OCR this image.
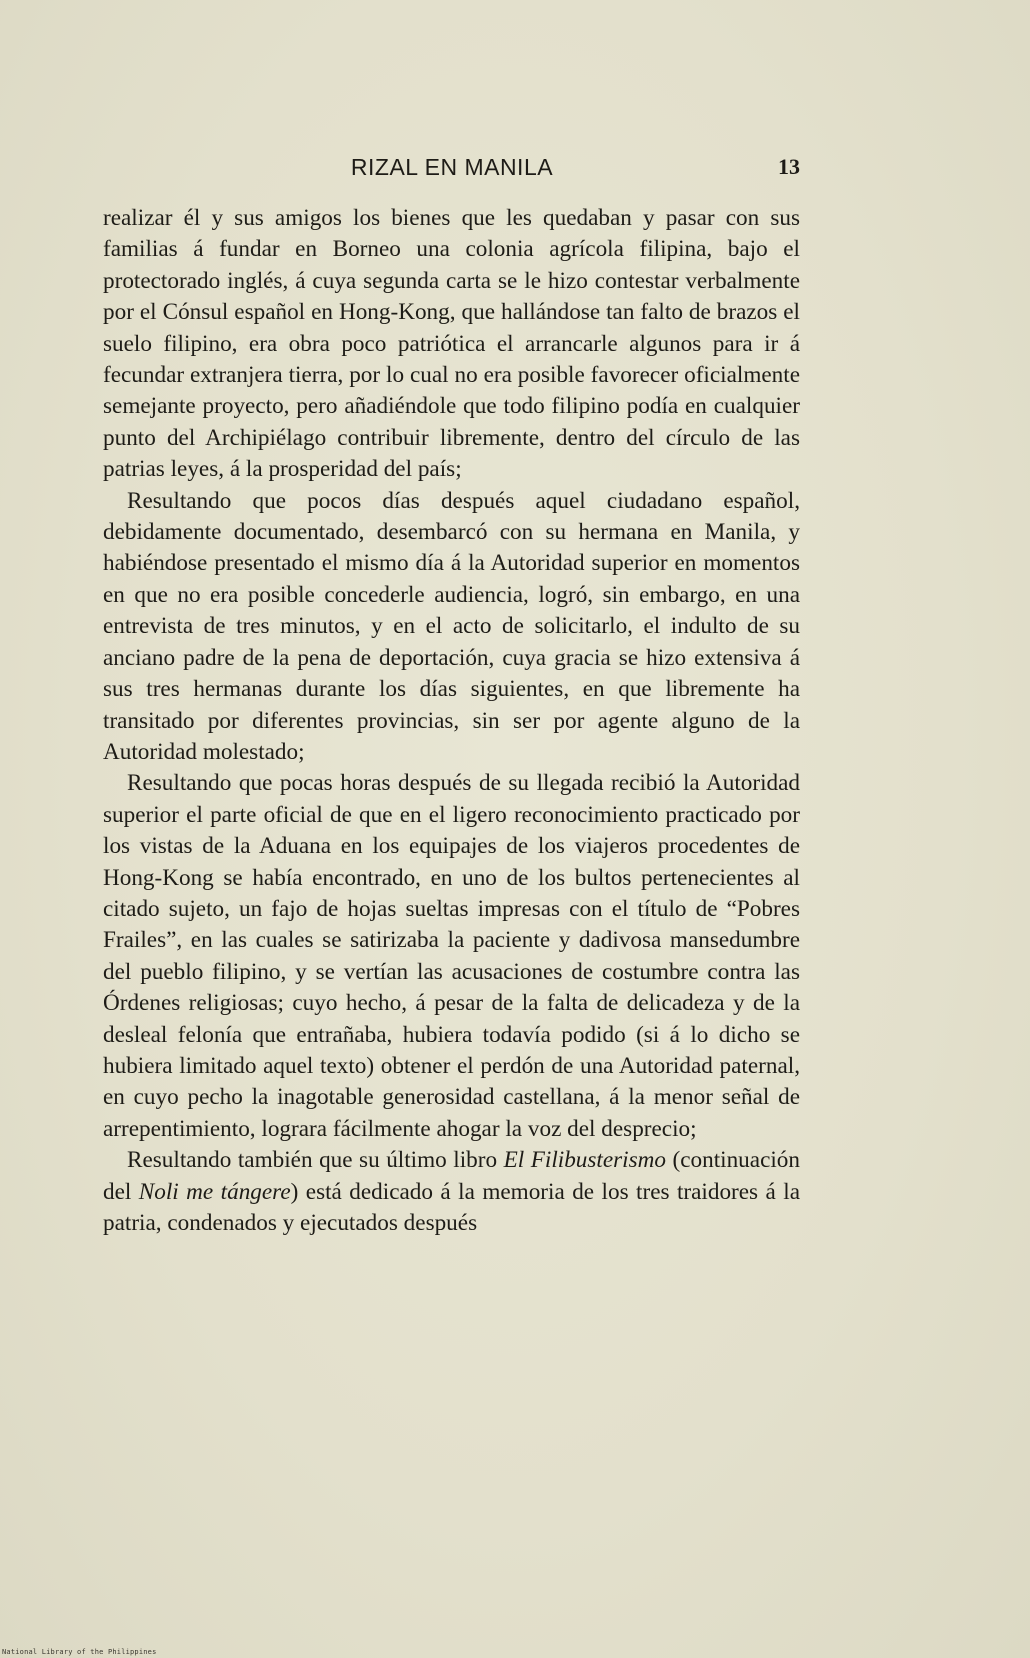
RIZAL EN MANILA	13

realizar él y sus amigos los bienes que les quedaban y pasar con sus familias á fundar en Borneo una colonia agrícola filipina, bajo el protectorado inglés, á cuya segunda carta se le hizo contestar verbalmente por el Cónsul español en Hong-Kong, que hallándose tan falto de brazos el suelo filipino, era obra poco patriótica el arrancarle algunos para ir á fecundar extranjera tierra, por lo cual no era posible favorecer oficialmente semejante proyecto, pero añadiéndole que todo filipino podía en cualquier punto del Archipiélago contribuir libremente, dentro del círculo de las patrias leyes, á la prosperidad del país;

Resultando que pocos días después aquel ciudadano español, debidamente documentado, desembarcó con su hermana en Manila, y habiéndose presentado el mismo día á la Autoridad superior en momentos en que no era posible concederle audiencia, logró, sin embargo, en una entrevista de tres minutos, y en el acto de solicitarlo, el indulto de su anciano padre de la pena de deportación, cuya gracia se hizo extensiva á sus tres hermanas durante los días siguientes, en que libremente ha transitado por diferentes provincias, sin ser por agente alguno de la Autoridad molestado;

Resultando que pocas horas después de su llegada recibió la Autoridad superior el parte oficial de que en el ligero reconocimiento practicado por los vistas de la Aduana en los equipajes de los viajeros procedentes de Hong-Kong se había encontrado, en uno de los bultos pertenecientes al citado sujeto, un fajo de hojas sueltas impresas con el título de “Pobres Frailes”, en las cuales se satirizaba la paciente y dadivosa mansedumbre del pueblo filipino, y se vertían las acusaciones de costumbre contra las Órdenes religiosas; cuyo hecho, á pesar de la falta de delicadeza y de la desleal felonía que entrañaba, hubiera todavía podido (si á lo dicho se hubiera limitado aquel texto) obtener el perdón de una Autoridad paternal, en cuyo pecho la inagotable generosidad castellana, á la menor señal de arrepentimiento, lograra fácilmente ahogar la voz del desprecio;

Resultando también que su último libro El Filibusterismo (continuación del Noli me tángere) está dedicado á la memoria de los tres traidores á la patria, condenados y ejecutados después

National Library of the Philippines
